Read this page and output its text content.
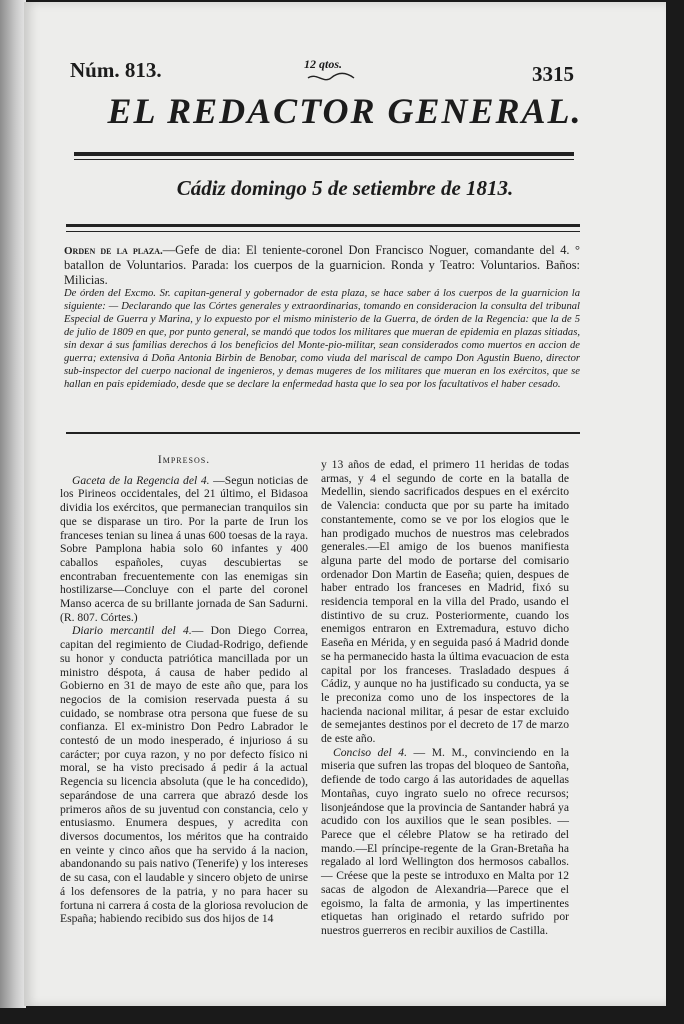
Núm. 813.	12 qtos.	3315
EL REDACTOR GENERAL.
Cádiz domingo 5 de setiembre de 1813.

Orden de la plaza.—Gefe de dia: El teniente-coronel Don Francisco Noguer, comandante del 4. ° batallon de Voluntarios. Parada: los cuerpos de la guarnicion. Ronda y Teatro: Voluntarios. Baños: Milicias.

De órden del Excmo. Sr. capitan-general y gobernador de esta plaza, se hace saber á los cuerpos de la guarnicion la siguiente: — Declarando que las Córtes generales y extraordinarias, tomando en consideracion la consulta del tribunal Especial de Guerra y Marina, y lo expuesto por el mismo ministerio de la Guerra, de órden de la Regencia: que la de 5 de julio de 1809 en que, por punto general, se mandó que todos los militares que mueran de epidemia en plazas sitiadas, sin dexar á sus familias derechos á los beneficios del Monte-pio-militar, sean considerados como muertos en accion de guerra; extensiva á Doña Antonia Birbin de Benobar, como viuda del mariscal de campo Don Agustin Bueno, director sub-inspector del cuerpo nacional de ingenieros, y demas mugeres de los militares que mueran en los exércitos, que se hallan en pais epidemiado, desde que se declare la enfermedad hasta que lo sea por los facultativos el haber cesado.

Impresos.

Gaceta de la Regencia del 4. —Segun noticias de los Pirineos occidentales, del 21 último, el Bidasoa dividia los exércitos, que permanecian tranquilos sin que se disparase un tiro. Por la parte de Irun los franceses tenian su linea á unas 600 toesas de la raya. Sobre Pamplona habia solo 60 infantes y 400 caballos españoles, cuyas descubiertas se encontraban frecuentemente con las enemigas sin hostilizarse—Concluye con el parte del coronel Manso acerca de su brillante jornada de San Sadurni. (R. 807. Córtes.)

Diario mercantil del 4.— Don Diego Correa, capitan del regimiento de Ciudad-Rodrigo, defiende su honor y conducta patriótica mancillada por un ministro déspota, á causa de haber pedido al Gobierno en 31 de mayo de este año que, para los negocios de la comision reservada puesta á su cuidado, se nombrase otra persona que fuese de su confianza. El ex-ministro Don Pedro Labrador le contestó de un modo inesperado, é injurioso á su carácter; por cuya razon, y no por defecto físico ni moral, se ha visto precisado á pedir á la actual Regencia su licencia absoluta (que le ha concedido), separándose de una carrera que abrazó desde los primeros años de su juventud con constancia, celo y entusiasmo. Enumera despues, y acredita con diversos documentos, los méritos que ha contraido en veinte y cinco años que ha servido á la nacion, abandonando su pais nativo (Tenerife) y los intereses de su casa, con el laudable y sincero objeto de unirse á los defensores de la patria, y no para hacer su fortuna ni carrera á costa de la gloriosa revolucion de España; habiendo recibido sus dos hijos de 14

y 13 años de edad, el primero 11 heridas de todas armas, y 4 el segundo de corte en la batalla de Medellin, siendo sacrificados despues en el exército de Valencia: conducta que por su parte ha imitado constantemente, como se ve por los elogios que le han prodigado muchos de nuestros mas celebrados generales.—El amigo de los buenos manifiesta alguna parte del modo de portarse del comisario ordenador Don Martin de Easeña; quien, despues de haber entrado los franceses en Madrid, fixó su residencia temporal en la villa del Prado, usando el distintivo de su cruz. Posteriormente, cuando los enemigos entraron en Extremadura, estuvo dicho Easeña en Mérida, y en seguida pasó á Madrid donde se ha permanecido hasta la última evacuacion de esta capital por los franceses. Trasladado despues á Cádiz, y aunque no ha justificado su conducta, ya se le preconiza como uno de los inspectores de la hacienda nacional militar, á pesar de estar excluido de semejantes destinos por el decreto de 17 de marzo de este año.

Conciso del 4. — M. M., convinciendo en la miseria que sufren las tropas del bloqueo de Santoña, defiende de todo cargo á las autoridades de aquellas Montañas, cuyo ingrato suelo no ofrece recursos; lisonjeándose que la provincia de Santander habrá ya acudido con los auxilios que le sean posibles. — Parece que el célebre Platow se ha retirado del mando.—El príncipe-regente de la Gran-Bretaña ha regalado al lord Wellington dos hermosos caballos.— Créese que la peste se introduxo en Malta por 12 sacas de algodon de Alexandria—Parece que el egoismo, la falta de armonia, y las impertinentes etiquetas han originado el retardo sufrido por nuestros guerreros en recibir auxilios de Castilla.
